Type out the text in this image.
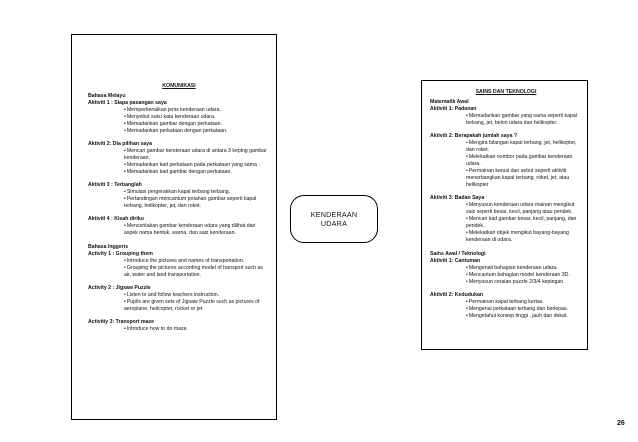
KOMUNIKASI
Bahasa Melayu
Aktiviti 1 : Siapa pasangan saya
• Memperkenalkan jenis kenderaan udara.
• Menyebut suku kata kenderaan udara.
• Memadankan gambar dengan perkataan.
• Memadankan perkataan dengan perkataan.
Aktiviti 2: Dia pilihan saya
• Mencari gambar kenderaan udara di antara 3 keping gambar kenderaan.
• Memadankan kad perkataan pada perkataan yang sama .
• Memadankan kad gambar dengan perkataan.
Aktiviti 3 : Terbanglah
• Simulasi pergerakkan kapal terbang terbang.
• Pertandingan mencantum potahan gambar seperti kapal terbang, helikopter, jet, dan roket.
Aktiviti 4 : Kisah diriku
• Menceritakan gambar kenderaan udara yang dilihat dari aspek nama bentuk, warna, dan saiz kenderaan.
Bahasa Inggeris
Activity 1 : Grouping them
• Introduce the pictures and names of transportation.
• Grouping the pictures according model of transport such as air, water and land transportation.
Activity 2 : Jigsaw Puzzle
• Listen to and follow teachers instruction.
• Pupils are given sets of Jigsaw Puzzle such as pictures of aeroplane, helicopter, rocket or jet.
Activitiy 3: Transport maze
• Introduce how to do maze.
KENDERAAN
UDARA
SAINS DAN TEKNOLOGI
Matematik Awal
Aktiviti 1: Padanan
• Memadankan gambar yang sama seperti kapal terbang, jet, belon udara dan helikopter.
Aktiviti 2: Berapakah jumlah saya ?
• Mengira bilangan kapal terbang, jet, helikopter, dan roket.
• Melekatkan nombor pada gambar kenderaan udara.
• Permainan kerusi dan sebut seperti aktiviti menerbangkan kapal terbang, roket, jet, atau helikopter
Aktiviti 3: Badan Saya
• Menyusun kenderaan udara mainan mengikut saiz seperti besar, kecil, panjang atau pendek.
• Mencari kad gambar besar, kecil, panjang, dan pendek.
• Melekatkan objek mengikut bayang-bayang kenderaan di udara.
Sains Awal / Teknologi
Aktiviti 1: Cantuman
• Mengenali bahagian kenderaan udara.
• Mencantum bahagian model kenderaan 3D.
• Menyusun ceraian puzzle 2/3/4 kepingan.
Aktiviti 2: Kedudukan
• Permainan kapal terbang kertas.
• Mengenal perkataan terbang dan berlepas.
• Mengetahui konsep tinggi , jauh dan dekat.
26
